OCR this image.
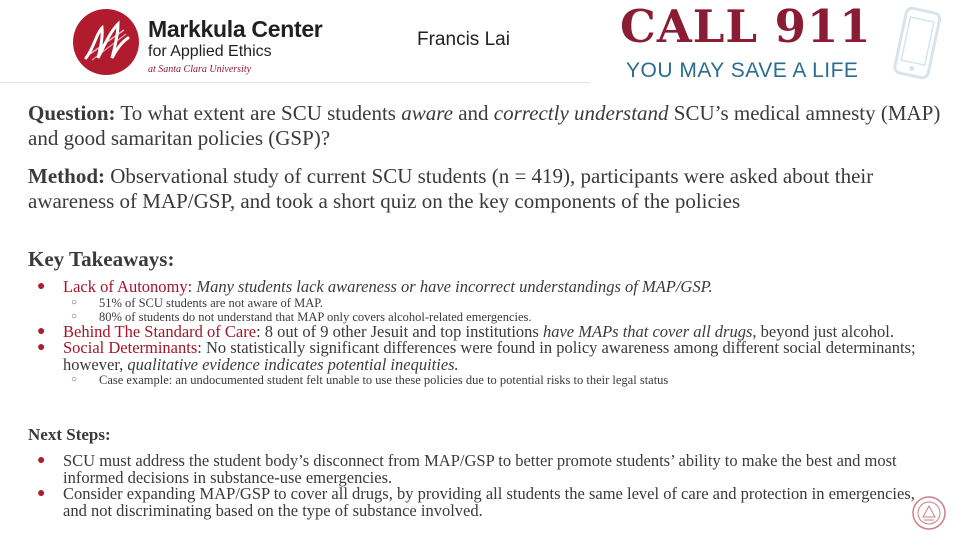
Markkula Center
for Applied Ethics
at Santa Clara University
Francis Lai CALL 911
YOU MAY SAVE A LIFE
Question: To what extent are SCU students aware and correctly understand SCU’s medical amnesty (MAP) and good samaritan policies (GSP)?
Method: Observational study of current SCU students (n = 419), participants were asked about their awareness of MAP/GSP, and took a short quiz on the key components of the policies
Key Takeaways:
● Lack of Autonomy: Many students lack awareness or have incorrect understandings of MAP/GSP.
○ 51% of SCU students are not aware of MAP.
○ 80% of students do not understand that MAP only covers alcohol-related emergencies.
● Behind The Standard of Care: 8 out of 9 other Jesuit and top institutions have MAPs that cover all drugs, beyond just alcohol.
● Social Determinants: No statistically significant differences were found in policy awareness among different social determinants; however, qualitative evidence indicates potential inequities.
○ Case example: an undocumented student felt unable to use these policies due to potential risks to their legal status
Next Steps:
● SCU must address the student body’s disconnect from MAP/GSP to better promote students’ ability to make the best and most informed decisions in substance-use emergencies.
● Consider expanding MAP/GSP to cover all drugs, by providing all students the same level of care and protection in emergencies, and not discriminating based on the type of substance involved.
